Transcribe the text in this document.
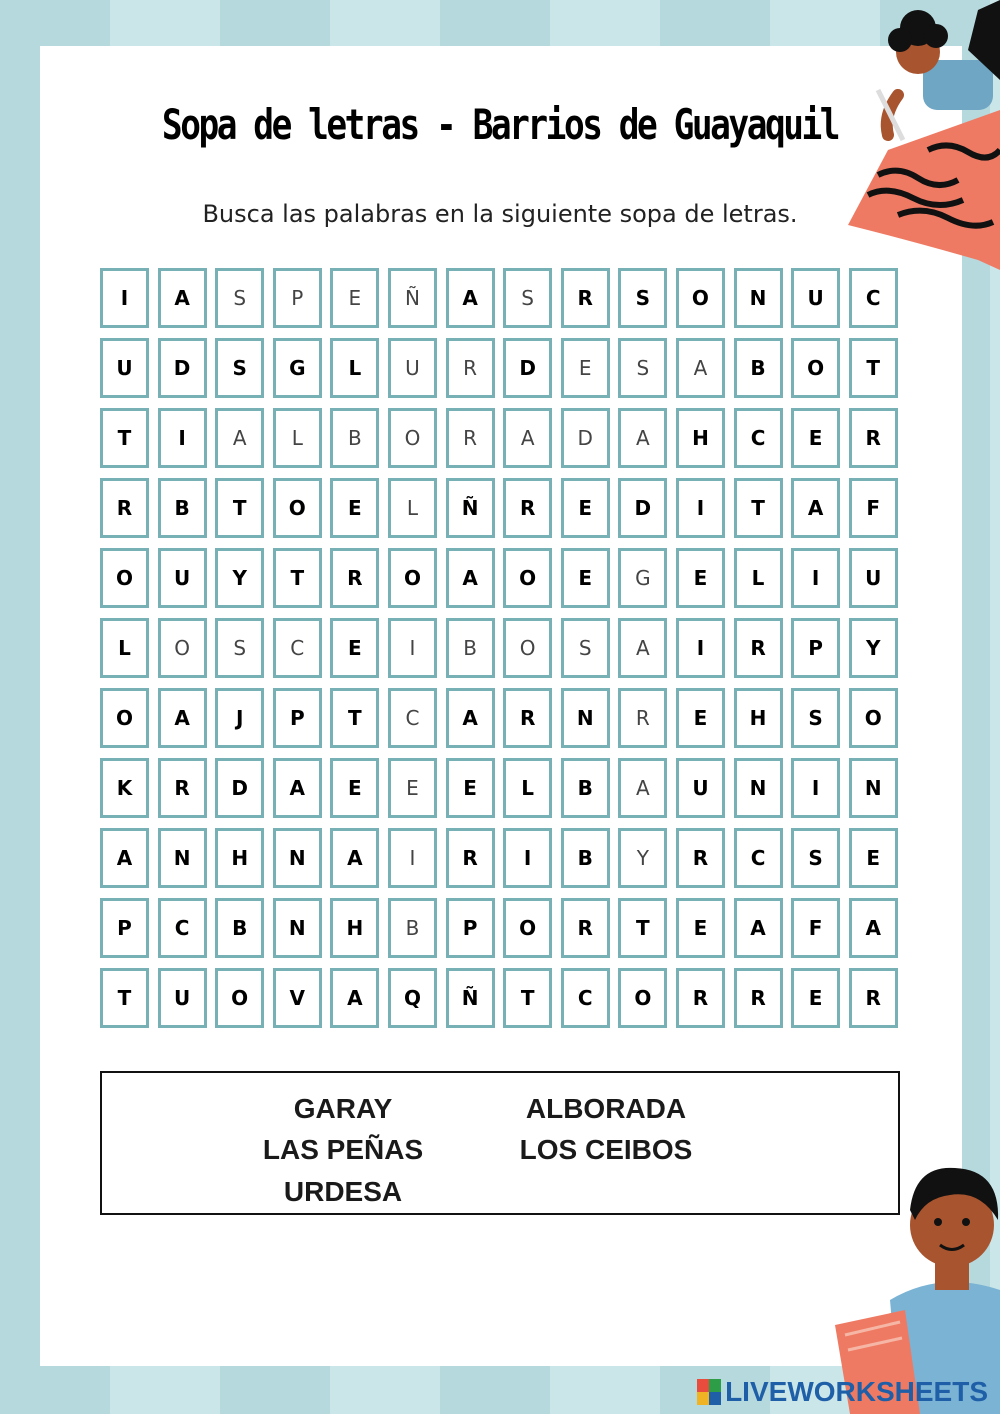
Sopa de letras - Barrios de Guayaquil
Busca las palabras en la siguiente sopa de letras.
I	A	S	P	E	Ñ	A	S	R	S	O	N	U	C
U	D	S	G	L	U	R	D	E	S	A	B	O	T
T	I	A	L	B	O	R	A	D	A	H	C	E	R
R	B	T	O	E	L	Ñ	R	E	D	I	T	A	F
O	U	Y	T	R	O	A	O	E	G	E	L	I	U
L	O	S	C	E	I	B	O	S	A	I	R	P	Y
O	A	J	P	T	C	A	R	N	R	E	H	S	O
K	R	D	A	E	E	E	L	B	A	U	N	I	N
A	N	H	N	A	I	R	I	B	Y	R	C	S	E
P	C	B	N	H	B	P	O	R	T	E	A	F	A
T	U	O	V	A	Q	Ñ	T	C	O	R	R	E	R
GARAY	ALBORADA
LAS PEÑAS	LOS CEIBOS
URDESA
LIVEWORKSHEETS
